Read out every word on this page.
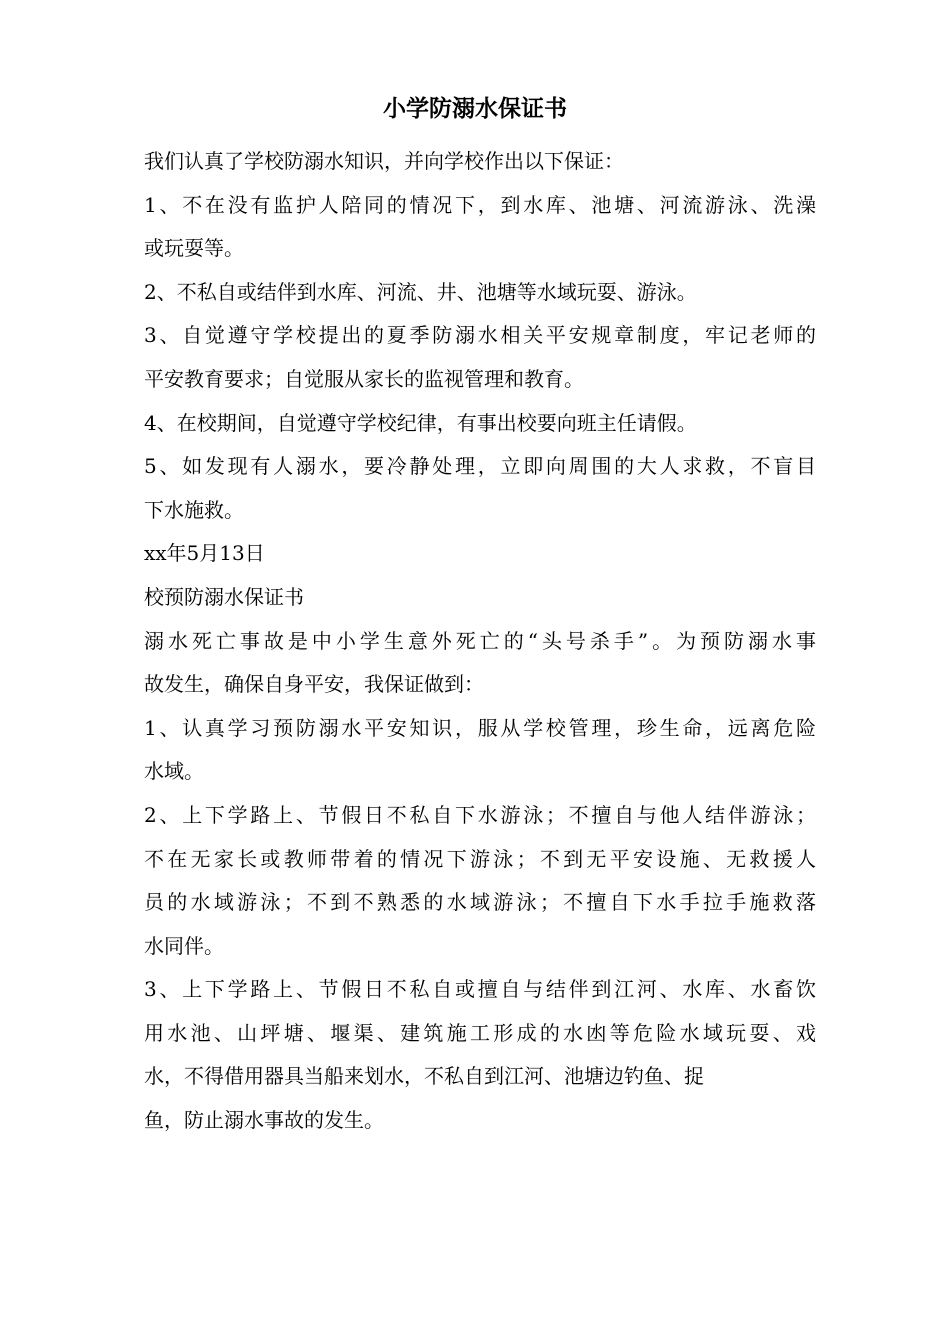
小学防溺水保证书
我们认真了学校防溺水知识，并向学校作出以下保证：
1、不在没有监护人陪同的情况下，到水库、池塘、河流游泳、洗澡
或玩耍等。
2、不私自或结伴到水库、河流、井、池塘等水域玩耍、游泳。
3、自觉遵守学校提出的夏季防溺水相关平安规章制度，牢记老师的
平安教育要求；自觉服从家长的监视管理和教育。
4、在校期间，自觉遵守学校纪律，有事出校要向班主任请假。
5、如发现有人溺水，要冷静处理，立即向周围的大人求救，不盲目
下水施救。
xx年5月13日
校预防溺水保证书
溺水死亡事故是中小学生意外死亡的“头号杀手”。为预防溺水事
故发生，确保自身平安，我保证做到：
1、认真学习预防溺水平安知识，服从学校管理，珍生命，远离危险
水域。
2、上下学路上、节假日不私自下水游泳；不擅自与他人结伴游泳；
不在无家长或教师带着的情况下游泳；不到无平安设施、无救援人
员的水域游泳；不到不熟悉的水域游泳；不擅自下水手拉手施救落
水同伴。
3、上下学路上、节假日不私自或擅自与结伴到江河、水库、水畜饮
用水池、山坪塘、堰渠、建筑施工形成的水凼等危险水域玩耍、戏
水，不得借用器具当船来划水，不私自到江河、池塘边钓鱼、捉
鱼，防止溺水事故的发生。
